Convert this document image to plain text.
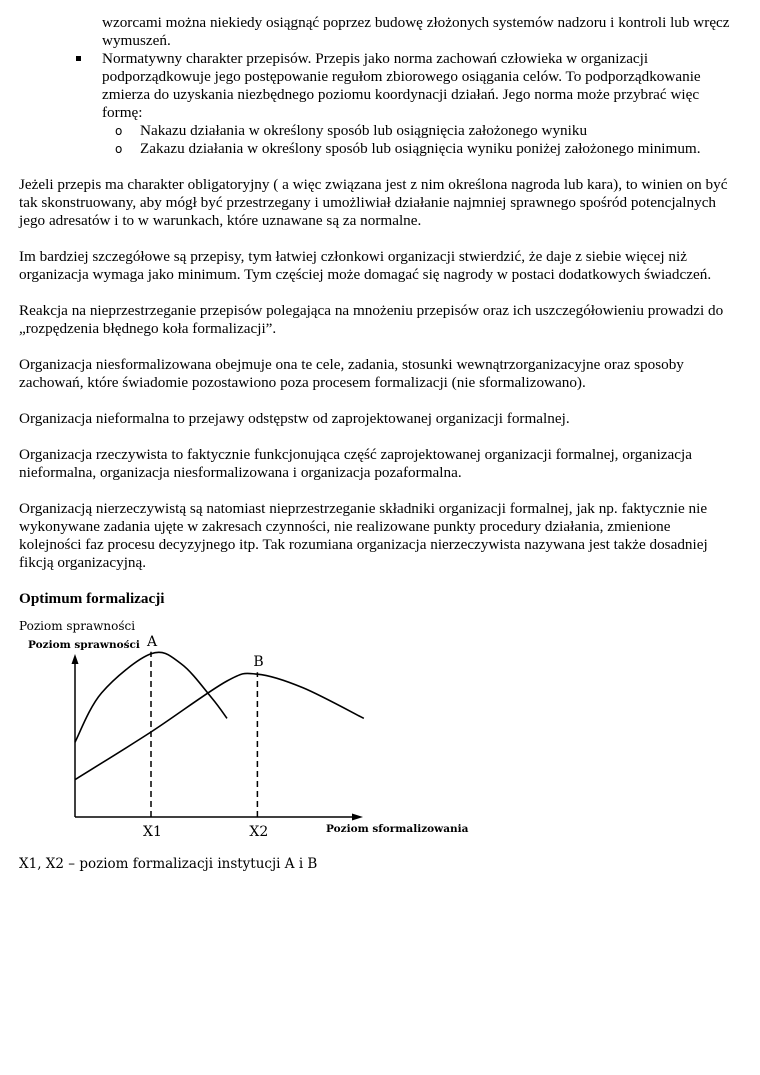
wzorcami można niekiedy osiągnąć poprzez budowę złożonych systemów nadzoru i kontroli lub wręcz
wymuszeń.
Normatywny charakter przepisów. Przepis jako norma zachowań człowieka w organizacji
podporządkowuje jego postępowanie regułom zbiorowego osiągania celów. To podporządkowanie
zmierza do uzyskania niezbędnego poziomu koordynacji działań. Jego norma może przybrać więc
formę:
o Nakazu działania w określony sposób lub osiągnięcia założonego wyniku
o Zakazu działania w określony sposób lub osiągnięcia wyniku poniżej założonego minimum.
Jeżeli przepis ma charakter obligatoryjny ( a więc związana jest z nim określona nagroda lub kara), to winien on być
tak skonstruowany, aby mógł być przestrzegany i umożliwiał działanie najmniej sprawnego spośród potencjalnych
jego adresatów i to w warunkach, które uznawane są za normalne.
Im bardziej szczegółowe są przepisy, tym łatwiej członkowi organizacji stwierdzić, że daje z siebie więcej niż
organizacja wymaga jako minimum. Tym częściej może domagać się nagrody w postaci dodatkowych świadczeń.
Reakcja na nieprzestrzeganie przepisów polegająca na mnożeniu przepisów oraz ich uszczegółowieniu prowadzi do
„rozpędzenia błędnego koła formalizacji”.
Organizacja niesformalizowana obejmuje ona te cele, zadania, stosunki wewnątrzorganizacyjne oraz sposoby
zachowań, które świadomie pozostawiono poza procesem formalizacji (nie sformalizowano).
Organizacja nieformalna to przejawy odstępstw od zaprojektowanej organizacji formalnej.
Organizacja rzeczywista to faktycznie funkcjonująca część zaprojektowanej organizacji formalnej, organizacja
nieformalna, organizacja niesformalizowana i organizacja pozaformalna.
Organizacją nierzeczywistą są natomiast nieprzestrzeganie składniki organizacji formalnej, jak np. faktycznie nie
wykonywane zadania ujęte w zakresach czynności, nie realizowane punkty procedury działania, zmienione
kolejności faz procesu decyzyjnego itp. Tak rozumiana organizacja nierzeczywista nazywana jest także dosadniej
fikcją organizacyjną.
Optimum formalizacji
Poziom sprawności
Poziom sprawności
Poziom sformalizowania
X1
A
X2
B
X1, X2 – poziom formalizacji instytucji A i B
